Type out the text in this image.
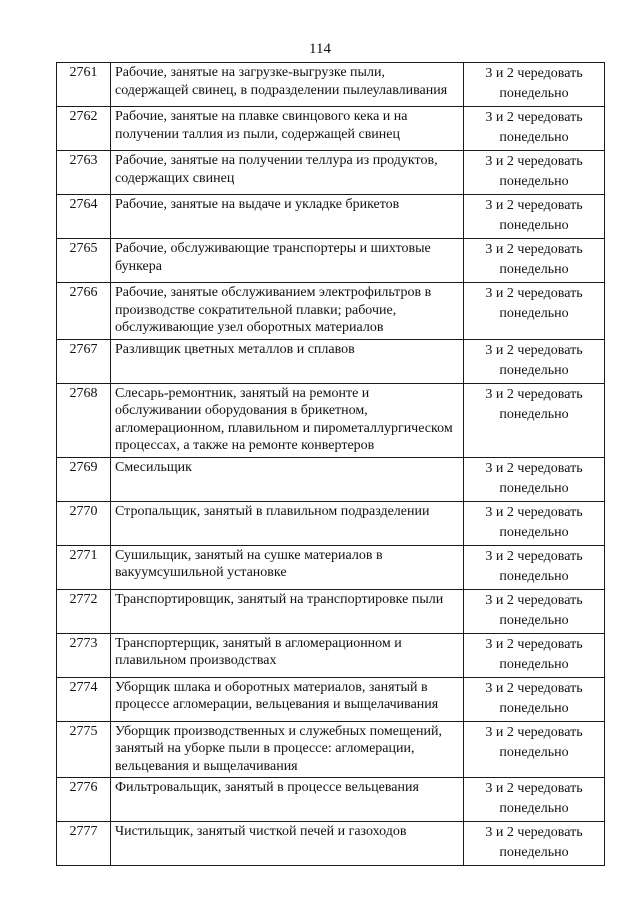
114
2761	Рабочие, занятые на загрузке-выгрузке пыли, содержащей свинец, в подразделении пылеулавливания	3 и 2 чередовать
понедельно

2762	Рабочие, занятые на плавке свинцового кека и на получении таллия из пыли, содержащей свинец	3 и 2 чередовать
понедельно

2763	Рабочие, занятые на получении теллура из продуктов, содержащих свинец	3 и 2 чередовать
понедельно

2764	Рабочие, занятые на выдаче и укладке брикетов	3 и 2 чередовать
понедельно

2765	Рабочие, обслуживающие транспортеры и шихтовые бункера	3 и 2 чередовать
понедельно

2766	Рабочие, занятые обслуживанием электрофильтров в производстве сократительной плавки; рабочие, обслуживающие узел оборотных материалов	3 и 2 чередовать
понедельно

2767	Разливщик цветных металлов и сплавов	3 и 2 чередовать
понедельно

2768	Слесарь-ремонтник, занятый на ремонте и обслуживании оборудования в брикетном, агломерационном, плавильном и пирометаллургическом процессах, а также на ремонте конвертеров	3 и 2 чередовать
понедельно

2769	Смесильщик	3 и 2 чередовать
понедельно

2770	Стропальщик, занятый в плавильном подразделении	3 и 2 чередовать
понедельно

2771	Сушильщик, занятый на сушке материалов в вакуумсушильной установке	3 и 2 чередовать
понедельно

2772	Транспортировщик, занятый на транспортировке пыли	3 и 2 чередовать
понедельно

2773	Транспортерщик, занятый в агломерационном и плавильном производствах	3 и 2 чередовать
понедельно

2774	Уборщик шлака и оборотных материалов, занятый в процессе агломерации, вельцевания и выщелачивания	3 и 2 чередовать
понедельно

2775	Уборщик производственных и служебных помещений, занятый на уборке пыли в процессе: агломерации, вельцевания и выщелачивания	3 и 2 чередовать
понедельно

2776	Фильтровальщик, занятый в процессе вельцевания	3 и 2 чередовать
понедельно

2777	Чистильщик, занятый чисткой печей и газоходов	3 и 2 чередовать
понедельно
